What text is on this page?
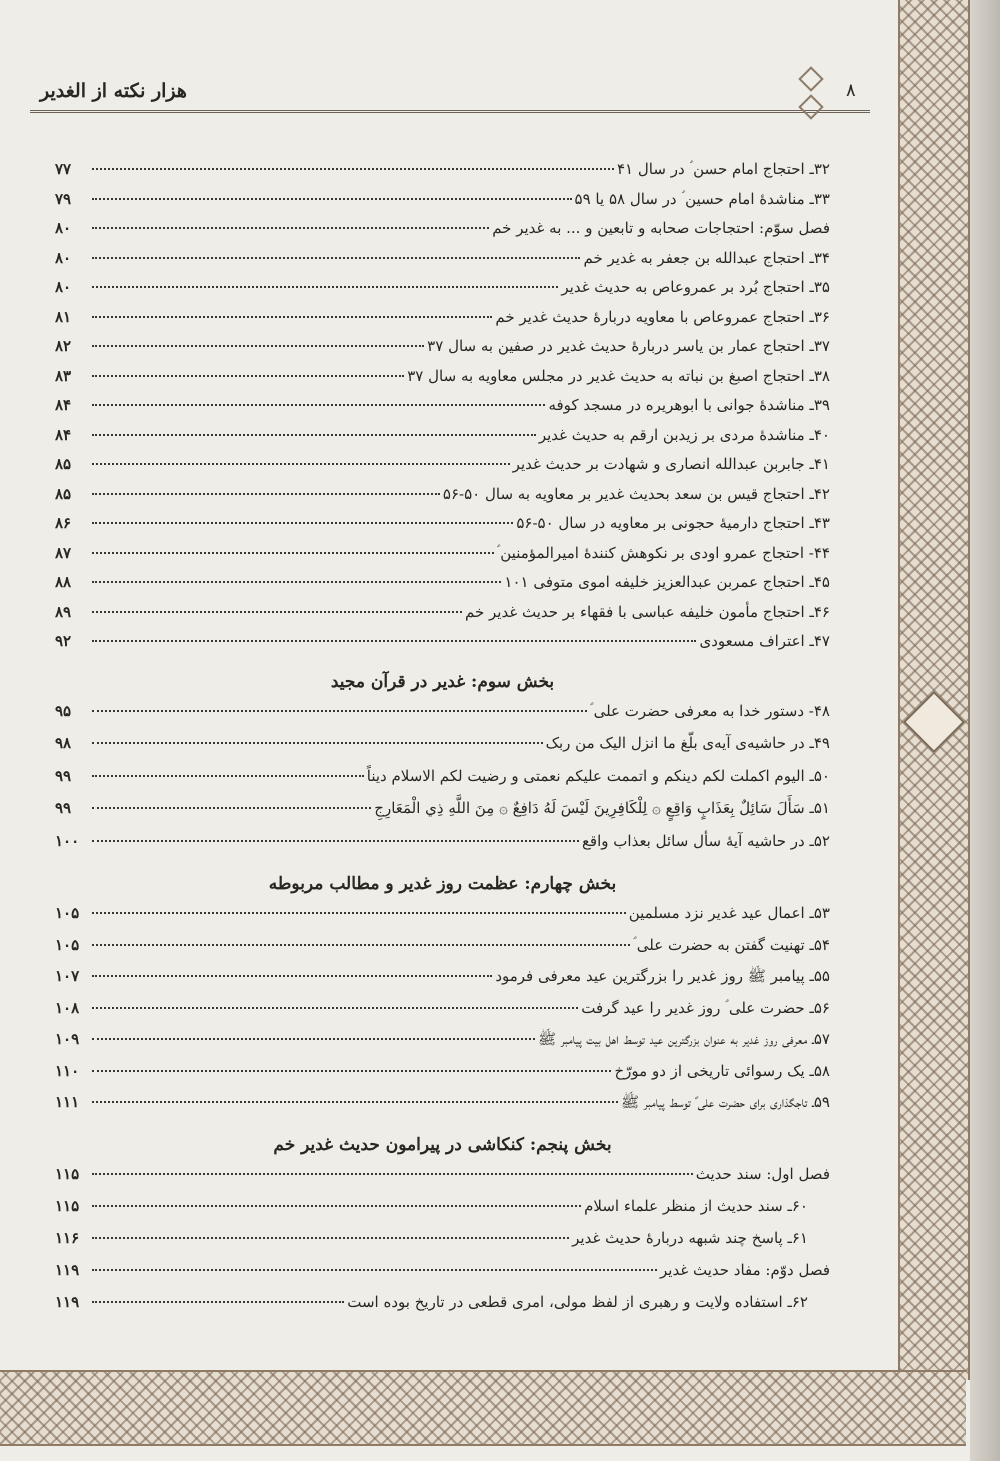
هزار نکته از الغدیر	۸
۳۲ـ احتجاج امام حسن ؑ در سال ۴۱
۷۷
۳۳ـ مناشدۀ امام حسین ؑ در سال ۵۸ یا ۵۹
۷۹
فصل سوّم: احتجاجات صحابه و تابعین و ... به غدیر خم
۸۰
۳۴ـ احتجاج عبدالله بن جعفر به غدیر خم
۸۰
۳۵ـ احتجاج بُرد بر عمروعاص به حدیث غدیر
۸۰
۳۶ـ احتجاج عمروعاص با معاویه دربارۀ حدیث غدیر خم
۸۱
۳۷ـ احتجاج عمار بن یاسر دربارۀ حدیث غدیر در صفین به سال ۳۷
۸۲
۳۸ـ احتجاج اصبغ بن نباته به حدیث غدیر در مجلس معاویه به سال ۳۷
۸۳
۳۹ـ مناشدۀ جوانی با ابوهریره در مسجد کوفه
۸۴
۴۰ـ مناشدۀ مردی بر زیدبن ارقم به حدیث غدیر
۸۴
۴۱ـ جابربن عبدالله انصاری و شهادت بر حدیث غدیر
۸۵
۴۲ـ احتجاج قیس بن سعد بحدیث غدیر بر معاویه به سال ۵۰-۵۶
۸۵
۴۳ـ احتجاج دارمیۀ حجونی بر معاویه در سال ۵۰-۵۶
۸۶
۴۴- احتجاج عمرو اودی بر نکوهش کنندۀ امیرالمؤمنین ؑ
۸۷
۴۵ـ احتجاج عمربن عبدالعزیز خلیفه اموی متوفی ۱۰۱
۸۸
۴۶ـ احتجاج مأمون خلیفه عباسی با فقهاء بر حدیث غدیر خم
۸۹
۴۷ـ اعتراف مسعودی
۹۲
بخش سوم: غدیر در قرآن مجید
۴۸- دستور خدا به معرفی حضرت علی ؑ
۹۵
۴۹ـ در حاشیه‌ی آیه‌ی بلّغ ما انزل الیک من ربک
۹۸
۵۰ـ الیوم اکملت لکم دینکم و اتممت علیکم نعمتی و رضیت لکم الاسلام دیناً
۹۹
۵۱ـ سَأَلَ سَائِلٌ بِعَذَابٍ وَاقِعٍ ۞ لِلْكَافِرِينَ لَيْسَ لَهُ دَافِعٌ ۞ مِنَ اللَّهِ ذِي الْمَعَارِجِ
۹۹
۵۲ـ در حاشیه آیۀ سأل سائل بعذاب واقع
۱۰۰
بخش چهارم: عظمت روز غدیر و مطالب مربوطه
۵۳ـ اعمال عید غدیر نزد مسلمین
۱۰۵
۵۴ـ تهنیت گفتن به حضرت علی ؑ
۱۰۵
۵۵ـ پیامبر ﷺ روز غدیر را بزرگترین عید معرفی فرمود
۱۰۷
۵۶ـ حضرت علی ؑ روز غدیر را عید گرفت
۱۰۸
۵۷ـ معرفی روز غدیر به عنوان بزرگترین عید توسط اهل بیت پیامبر ﷺ
۱۰۹
۵۸ـ یک رسوائی تاریخی از دو مورّخ
۱۱۰
۵۹ـ تاجگذاری برای حضرت علی ؑ توسط پیامبر ﷺ
۱۱۱
بخش پنجم: کنکاشی در پیرامون حدیث غدیر خم
فصل اول: سند حدیث
۱۱۵
۶۰ـ سند حدیث از منظر علماء اسلام
۱۱۵
۶۱ـ پاسخ چند شبهه دربارۀ حدیث غدیر
۱۱۶
فصل دوّم: مفاد حدیث غدیر
۱۱۹
۶۲ـ استفاده ولایت و رهبری از لفظ مولی، امری قطعی در تاریخ بوده است
۱۱۹
